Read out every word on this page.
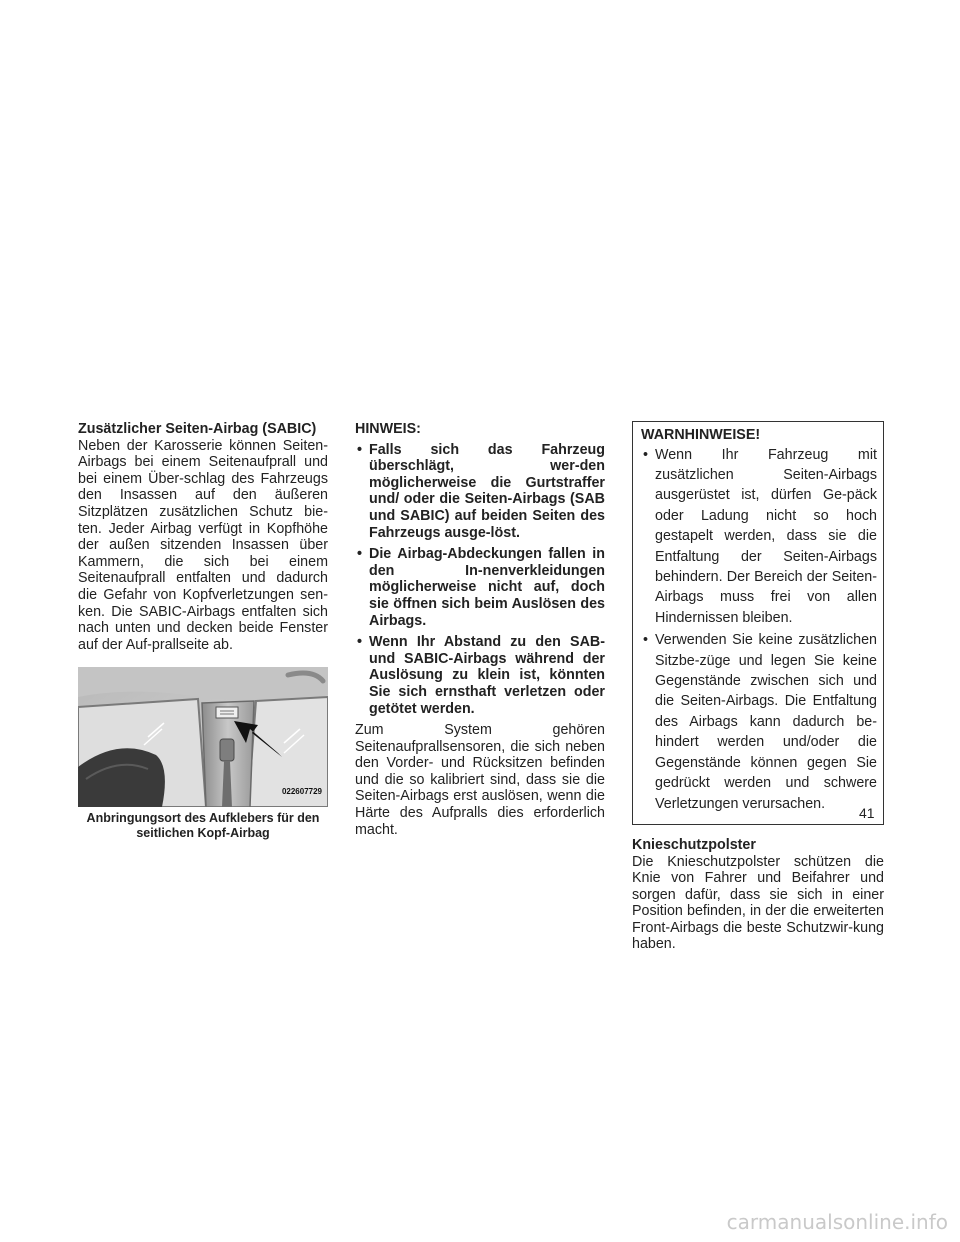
Zusätzlicher Seiten-Airbag (SABIC)

Neben der Karosserie können Seiten-Airbags bei einem Seitenaufprall und bei einem Über-schlag des Fahrzeugs den Insassen auf den äußeren Sitzplätzen zusätzlichen Schutz bie-ten. Jeder Airbag verfügt in Kopfhöhe der außen sitzenden Insassen über Kammern, die sich bei einem Seitenaufprall entfalten und dadurch die Gefahr von Kopfverletzungen sen-ken. Die SABIC-Airbags entfalten sich nach unten und decken beide Fenster auf der Auf-prallseite ab.

022607729
Anbringungsort des Aufklebers für den seitlichen Kopf-Airbag
HINWEIS:
• Falls sich das Fahrzeug überschlägt, wer-den möglicherweise die Gurtstraffer und/ oder die Seiten-Airbags (SAB und SABIC) auf beiden Seiten des Fahrzeugs ausge-löst.
• Die Airbag-Abdeckungen fallen in den In-nenverkleidungen möglicherweise nicht auf, doch sie öffnen sich beim Auslösen des Airbags.
• Wenn Ihr Abstand zu den SAB- und SABIC-Airbags während der Auslösung zu klein ist, könnten Sie sich ernsthaft verletzen oder getötet werden.

Zum System gehören Seitenaufprallsensoren, die sich neben den Vorder- und Rücksitzen befinden und die so kalibriert sind, dass sie die Seiten-Airbags erst auslösen, wenn die Härte des Aufpralls dies erforderlich macht.

WARNHINWEISE!
• Wenn Ihr Fahrzeug mit zusätzlichen Seiten-Airbags ausgerüstet ist, dürfen Ge-päck oder Ladung nicht so hoch gestapelt werden, dass sie die Entfaltung der Seiten-Airbags behindern. Der Bereich der Seiten-Airbags muss frei von allen Hindernissen bleiben.
• Verwenden Sie keine zusätzlichen Sitzbe-züge und legen Sie keine Gegenstände zwischen sich und die Seiten-Airbags. Die Entfaltung des Airbags kann dadurch be-hindert werden und/oder die Gegenstände können gegen Sie gedrückt werden und schwere Verletzungen verursachen.
Knieschutzpolster

Die Knieschutzpolster schützen die Knie von Fahrer und Beifahrer und sorgen dafür, dass sie sich in einer Position befinden, in der die erweiterten Front-Airbags die beste Schutzwir-kung haben.

41
carmanualsonline.info
